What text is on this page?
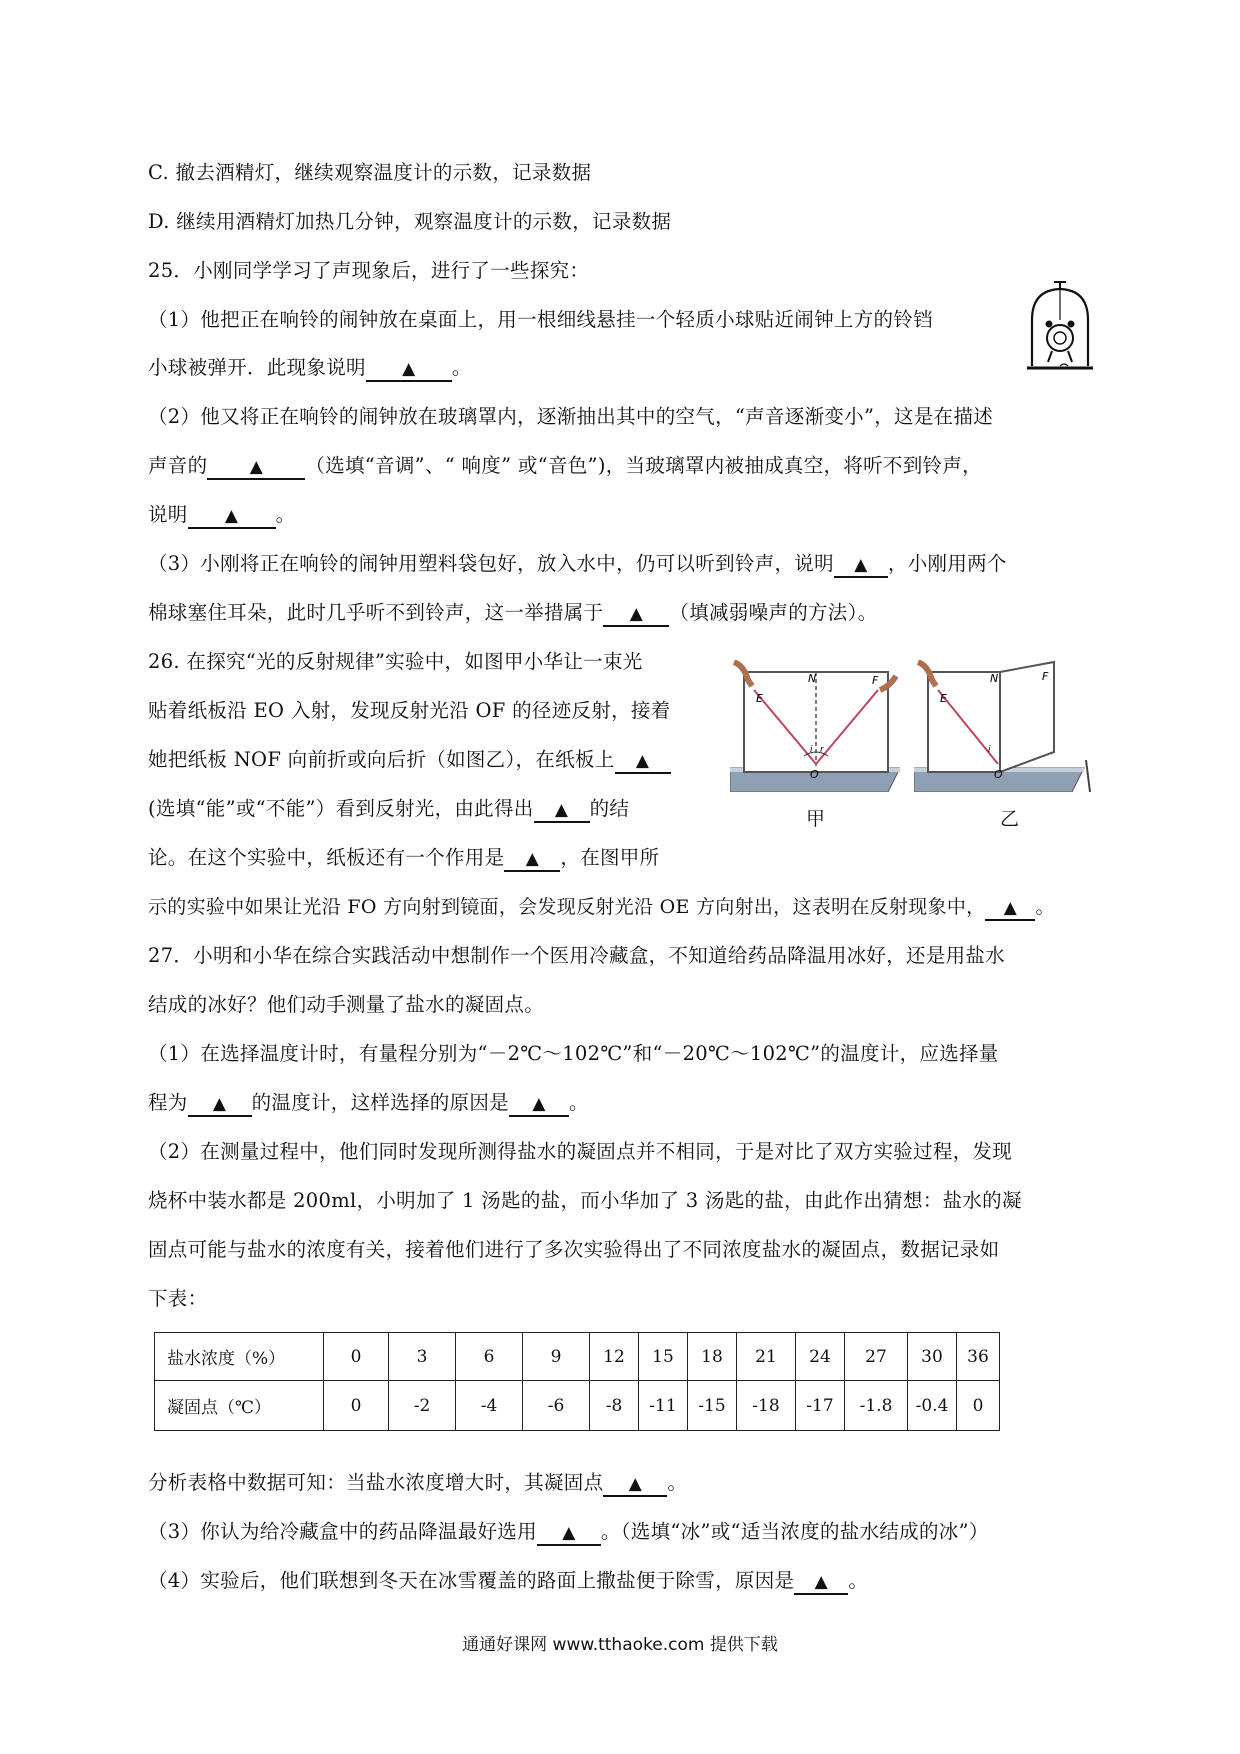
C. 撤去酒精灯，继续观察温度计的示数，记录数据
D. 继续用酒精灯加热几分钟，观察温度计的示数，记录数据
25．小刚同学学习了声现象后，进行了一些探究：
（1）他把正在响铃的闹钟放在桌面上，用一根细线悬挂一个轻质小球贴近闹钟上方的铃铛
小球被弹开．此现象说明 ▲ 。
（2）他又将正在响铃的闹钟放在玻璃罩内，逐渐抽出其中的空气，“声音逐渐变小”，这是在描述
声音的 ▲ （选填“音调”、“ 响度” 或“音色”)，当玻璃罩内被抽成真空，将听不到铃声，
说明 ▲ 。
（3）小刚将正在响铃的闹钟用塑料袋包好，放入水中，仍可以听到铃声，说明 ▲ ，小刚用两个
棉球塞住耳朵，此时几乎听不到铃声，这一举措属于 ▲ （填减弱噪声的方法）。
26. 在探究“光的反射规律”实验中，如图甲小华让一束光
贴着纸板沿 EO 入射，发现反射光沿 OF 的径迹反射，接着
她把纸板 NOF 向前折或向后折（如图乙），在纸板上 ▲
(选填“能”或“不能”）看到反射光，由此得出 ▲ 的结
论。在这个实验中，纸板还有一个作用是 ▲ ，在图甲所
示的实验中如果让光沿 FO 方向射到镜面，会发现反射光沿 OE 方向射出，这表明在反射现象中， ▲ 。
E
N	F
O
i r
甲
E
N	F
O
i
乙
27．小明和小华在综合实践活动中想制作一个医用冷藏盒，不知道给药品降温用冰好，还是用盐水
结成的冰好？他们动手测量了盐水的凝固点。
（1）在选择温度计时，有量程分别为“－2℃～102℃”和“－20℃～102℃”的温度计，应选择量
程为 ▲ 的温度计，这样选择的原因是 ▲ 。
（2）在测量过程中，他们同时发现所测得盐水的凝固点并不相同，于是对比了双方实验过程，发现
烧杯中装水都是 200ml，小明加了 1 汤匙的盐，而小华加了 3 汤匙的盐，由此作出猜想：盐水的凝
固点可能与盐水的浓度有关，接着他们进行了多次实验得出了不同浓度盐水的凝固点，数据记录如
下表：
盐水浓度（%）	0	3	6	9	12	15	18	21	24	27	30	36
凝固点（℃）	0	-2	-4	-6	-8	-11	-15	-18	-17	-1.8	-0.4	0
分析表格中数据可知：当盐水浓度增大时，其凝固点 ▲ 。
（3）你认为给冷藏盒中的药品降温最好选用 ▲ 。（选填“冰”或“适当浓度的盐水结成的冰”）
（4）实验后，他们联想到冬天在冰雪覆盖的路面上撒盐便于除雪，原因是 ▲ 。
通通好课网 www.tthaoke.com 提供下载
